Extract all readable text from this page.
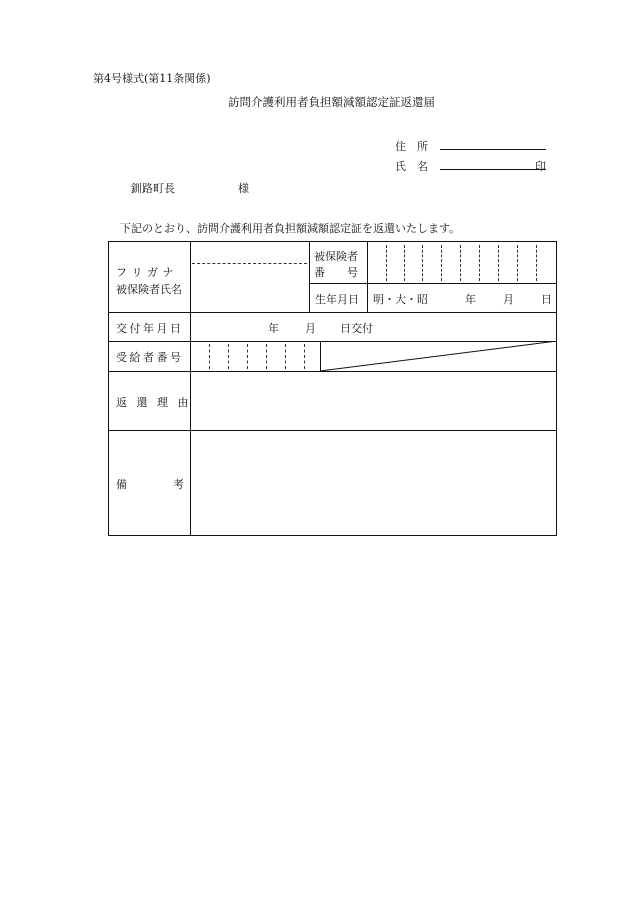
第4号様式(第11条関係)
訪問介護利用者負担額減額認定証返還届
住　所
氏　名	印
釧路町長	様
下記のとおり、訪問介護利用者負担額減額認定証を返還いたします。
フ リ ガ ナ
被保険者氏名
被保険者
番　　号
生年月日 明・大・昭	年 月 日
交付年月日	年 月 日交付
受給者番号
返 還 理 由
備	考
